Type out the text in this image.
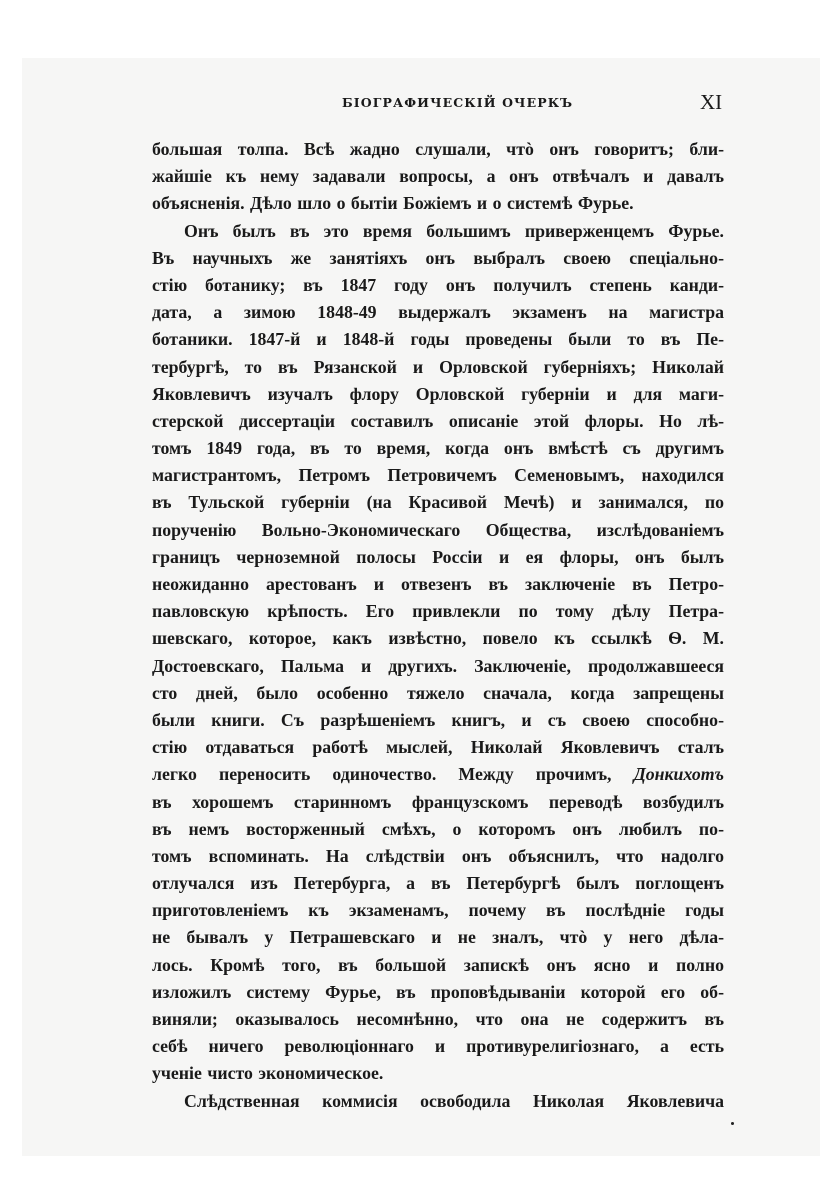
БІОГРАФИЧЕСКІЙ ОЧЕРКЪ	XI
большая толпа. Всѣ жадно слушали, чтò онъ говоритъ; бли-
жайшіе къ нему задавали вопросы, а онъ отвѣчалъ и давалъ
объясненія. Дѣло шло о бытіи Божіемъ и о системѣ Фурье.
Онъ былъ въ это время большимъ приверженцемъ Фурье.
Въ научныхъ же занятіяхъ онъ выбралъ своею спеціально-
стію ботанику; въ 1847 году онъ получилъ степень канди-
дата, а зимою 1848-49 выдержалъ экзаменъ на магистра
ботаники. 1847-й и 1848-й годы проведены были то въ Пе-
тербургѣ, то въ Рязанской и Орловской губерніяхъ; Николай
Яковлевичъ изучалъ флору Орловской губерніи и для маги-
стерской диссертаціи составилъ описаніе этой флоры. Но лѣ-
томъ 1849 года, въ то время, когда онъ вмѣстѣ съ другимъ
магистрантомъ, Петромъ Петровичемъ Семеновымъ, находился
въ Тульской губерніи (на Красивой Мечѣ) и занимался, по
порученію Вольно-Экономическаго Общества, изслѣдованіемъ
границъ черноземной полосы Россіи и ея флоры, онъ былъ
неожиданно арестованъ и отвезенъ въ заключеніе въ Петро-
павловскую крѣпость. Его привлекли по тому дѣлу Петра-
шевскаго, которое, какъ извѣстно, повело къ ссылкѣ Ѳ. М.
Достоевскаго, Пальма и другихъ. Заключеніе, продолжавшееся
сто дней, было особенно тяжело сначала, когда запрещены
были книги. Съ разрѣшеніемъ книгъ, и съ своею способно-
стію отдаваться работѣ мыслей, Николай Яковлевичъ сталъ
легко переносить одиночество. Между прочимъ, Донкихотъ
въ хорошемъ старинномъ французскомъ переводѣ возбудилъ
въ немъ восторженный смѣхъ, о которомъ онъ любилъ по-
томъ вспоминать. На слѣдствіи онъ объяснилъ, что надолго
отлучался изъ Петербурга, а въ Петербургѣ былъ поглощенъ
приготовленіемъ къ экзаменамъ, почему въ послѣдніе годы
не бывалъ у Петрашевскаго и не зналъ, чтò у него дѣла-
лось. Кромѣ того, въ большой запискѣ онъ ясно и полно
изложилъ систему Фурье, въ проповѣдываніи которой его об-
виняли; оказывалось несомнѣнно, что она не содержитъ въ
себѣ ничего революціоннаго и противурелигіознаго, а есть
ученіе чисто экономическое.
Слѣдственная коммисія освободила Николая Яковлевича
